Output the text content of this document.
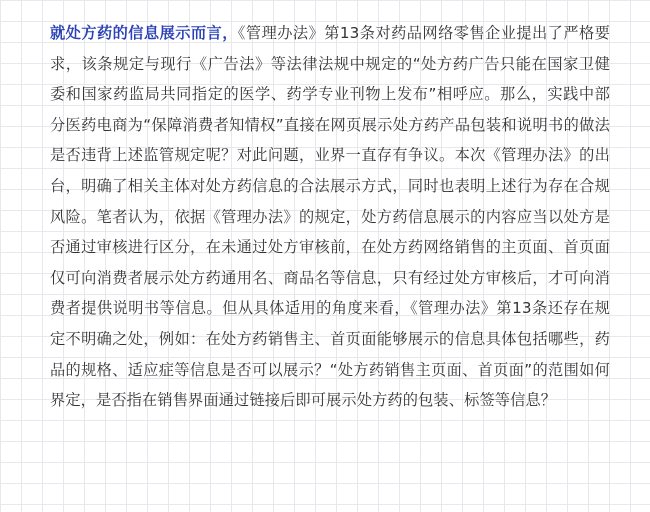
就处方药的信息展示而言，《管理办法》第13条对药品网络零售企业提出了严格要求，该条规定与现行《广告法》等法律法规中规定的“处方药广告只能在国家卫健委和国家药监局共同指定的医学、药学专业刊物上发布”相呼应。那么，实践中部分医药电商为“保障消费者知情权”直接在网页展示处方药产品包装和说明书的做法是否违背上述监管规定呢？对此问题，业界一直存有争议。本次《管理办法》的出台，明确了相关主体对处方药信息的合法展示方式，同时也表明上述行为存在合规风险。笔者认为，依据《管理办法》的规定，处方药信息展示的内容应当以处方是否通过审核进行区分，在未通过处方审核前，在处方药网络销售的主页面、首页面仅可向消费者展示处方药通用名、商品名等信息，只有经过处方审核后，才可向消费者提供说明书等信息。但从具体适用的角度来看，《管理办法》第13条还存在规定不明确之处，例如：在处方药销售主、首页面能够展示的信息具体包括哪些，药品的规格、适应症等信息是否可以展示？“处方药销售主页面、首页面”的范围如何界定，是否指在销售界面通过链接后即可展示处方药的包装、标签等信息？
